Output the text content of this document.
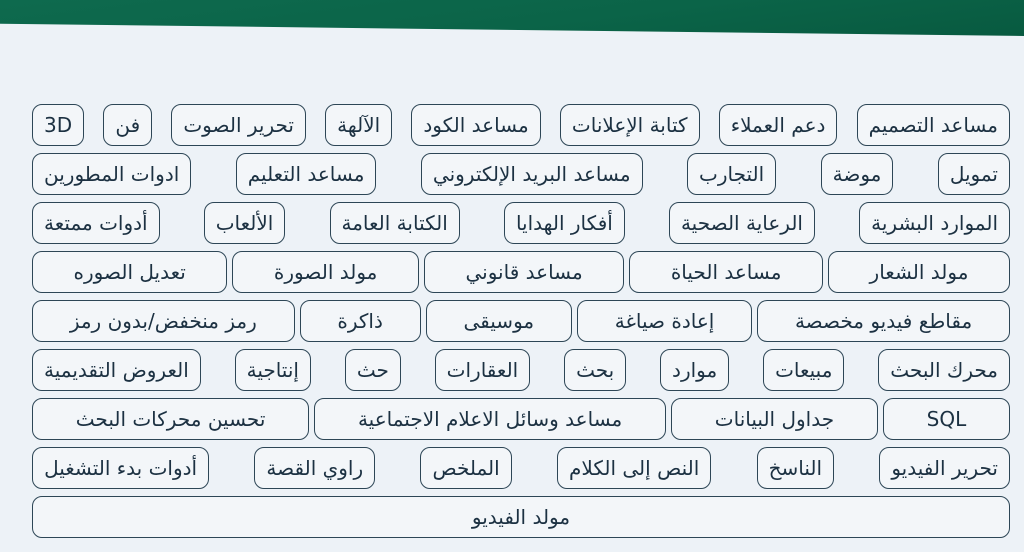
مساعد التصميم
دعم العملاء
كتابة الإعلانات
مساعد الكود
الآلهة
تحرير الصوت
فن
3D
تمويل
موضة
التجارب
مساعد البريد الإلكتروني
مساعد التعليم
ادوات المطورين
الموارد البشرية
الرعاية الصحية
أفكار الهدايا
الكتابة العامة
الألعاب
أدوات ممتعة
مولد الشعار
مساعد الحياة
مساعد قانوني
مولد الصورة
تعديل الصوره
مقاطع فيديو مخصصة
إعادة صياغة
موسيقى
ذاكرة
رمز منخفض/بدون رمز
محرك البحث
مبيعات
موارد
بحث
العقارات
حث
إنتاجية
العروض التقديمية
SQL
جداول البيانات
مساعد وسائل الاعلام الاجتماعية
تحسين محركات البحث
تحرير الفيديو
الناسخ
النص إلى الكلام
الملخص
راوي القصة
أدوات بدء التشغيل
مولد الفيديو
